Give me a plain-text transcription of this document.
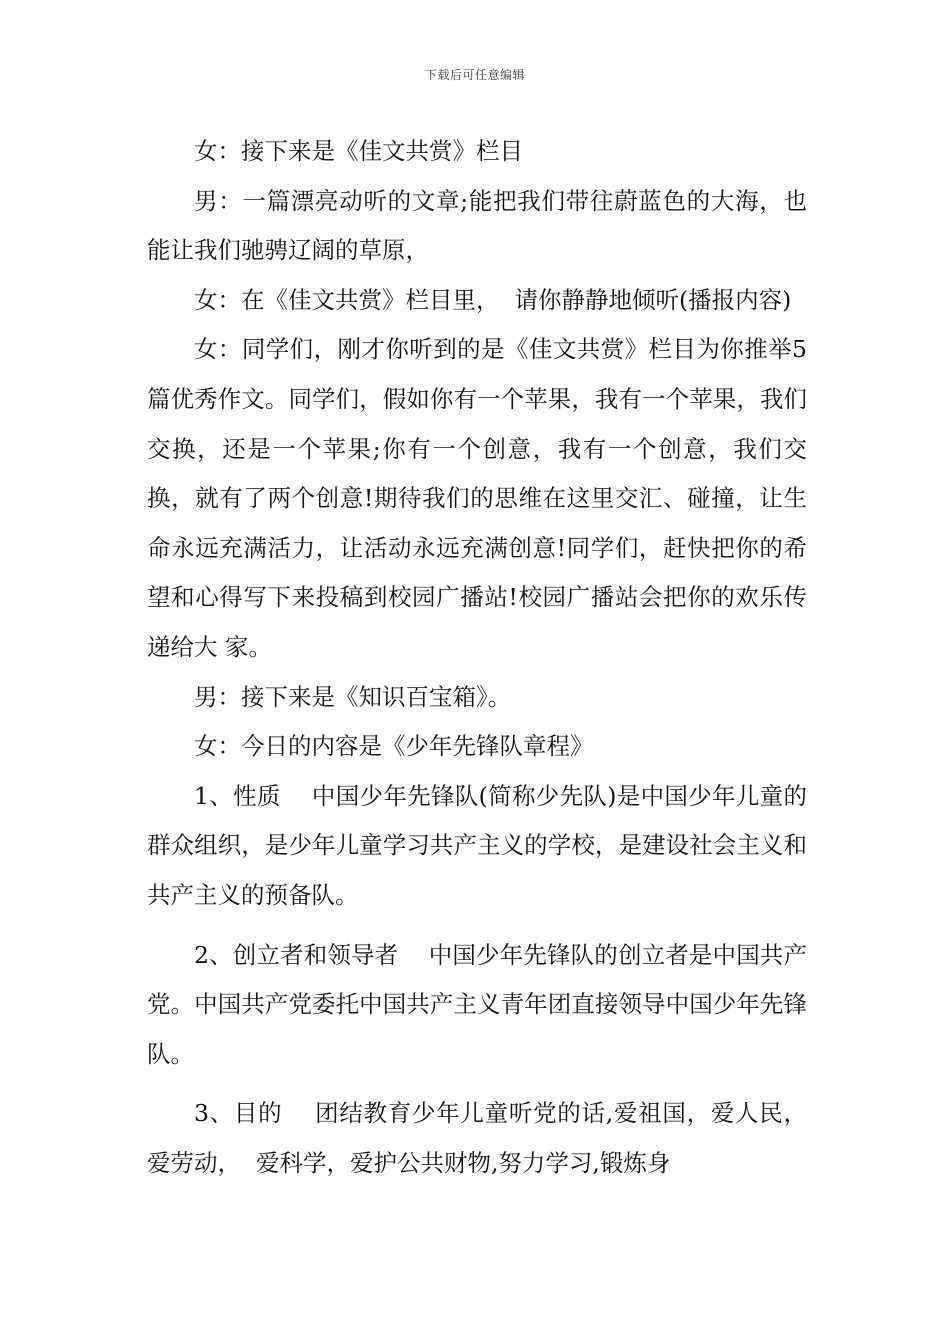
下载后可任意编辑

女：接下来是《佳文共赏》栏目

男：一篇漂亮动听的文章;能把我们带往蔚蓝色的大海，也能让我们驰骋辽阔的草原，

女：在《佳文共赏》栏目里，  请你静静地倾听(播报内容)

女：同学们，刚才你听到的是《佳文共赏》栏目为你推举5篇优秀作文。同学们，假如你有一个苹果，我有一个苹果，我们交换，还是一个苹果;你有一个创意，我有一个创意，我们交换，就有了两个创意!期待我们的思维在这里交汇、碰撞，让生命永远充满活力，让活动永远充满创意!同学们，赶快把你的希望和心得写下来投稿到校园广播站!校园广播站会把你的欢乐传递给大 家。

男：接下来是《知识百宝箱》。

女：今日的内容是《少年先锋队章程》

1、性质    中国少年先锋队(简称少先队)是中国少年儿童的群众组织，是少年儿童学习共产主义的学校，是建设社会主义和共产主义的预备队。

2、创立者和领导者    中国少年先锋队的创立者是中国共产党。中国共产党委托中国共产主义青年团直接领导中国少年先锋队。

3、目的    团结教育少年儿童听党的话,爱祖国，爱人民，爱劳动，  爱科学，爱护公共财物,努力学习,锻炼身
